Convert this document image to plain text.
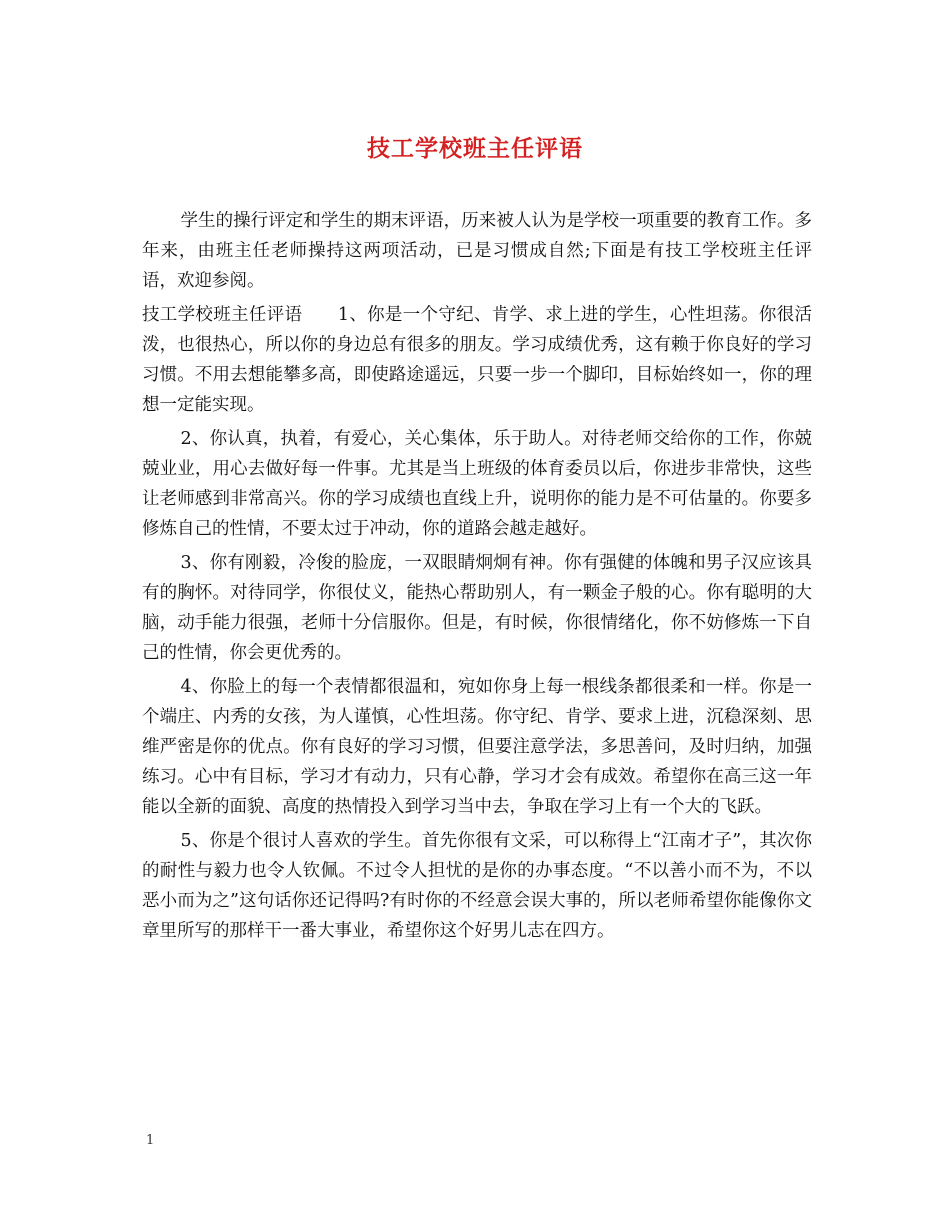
技工学校班主任评语

学生的操行评定和学生的期末评语，历来被人认为是学校一项重要的教育工作。多年来，由班主任老师操持这两项活动，已是习惯成自然;下面是有技工学校班主任评语，欢迎参阅。

技工学校班主任评语　　1、你是一个守纪、肯学、求上进的学生，心性坦荡。你很活泼，也很热心，所以你的身边总有很多的朋友。学习成绩优秀，这有赖于你良好的学习习惯。不用去想能攀多高，即使路途遥远，只要一步一个脚印，目标始终如一，你的理想一定能实现。

2、你认真，执着，有爱心，关心集体，乐于助人。对待老师交给你的工作，你兢兢业业，用心去做好每一件事。尤其是当上班级的体育委员以后，你进步非常快，这些让老师感到非常高兴。你的学习成绩也直线上升，说明你的能力是不可估量的。你要多修炼自己的性情，不要太过于冲动，你的道路会越走越好。

3、你有刚毅，冷俊的脸庞，一双眼睛炯炯有神。你有强健的体魄和男子汉应该具有的胸怀。对待同学，你很仗义，能热心帮助别人，有一颗金子般的心。你有聪明的大脑，动手能力很强，老师十分信服你。但是，有时候，你很情绪化，你不妨修炼一下自己的性情，你会更优秀的。

4、你脸上的每一个表情都很温和，宛如你身上每一根线条都很柔和一样。你是一个端庄、内秀的女孩，为人谨慎，心性坦荡。你守纪、肯学、要求上进，沉稳深刻、思维严密是你的优点。你有良好的学习习惯，但要注意学法，多思善问，及时归纳，加强练习。心中有目标，学习才有动力，只有心静，学习才会有成效。希望你在高三这一年能以全新的面貌、高度的热情投入到学习当中去，争取在学习上有一个大的飞跃。

5、你是个很讨人喜欢的学生。首先你很有文采，可以称得上“江南才子”，其次你的耐性与毅力也令人钦佩。不过令人担忧的是你的办事态度。“不以善小而不为，不以恶小而为之”这句话你还记得吗?有时你的不经意会误大事的，所以老师希望你能像你文章里所写的那样干一番大事业，希望你这个好男儿志在四方。

1
